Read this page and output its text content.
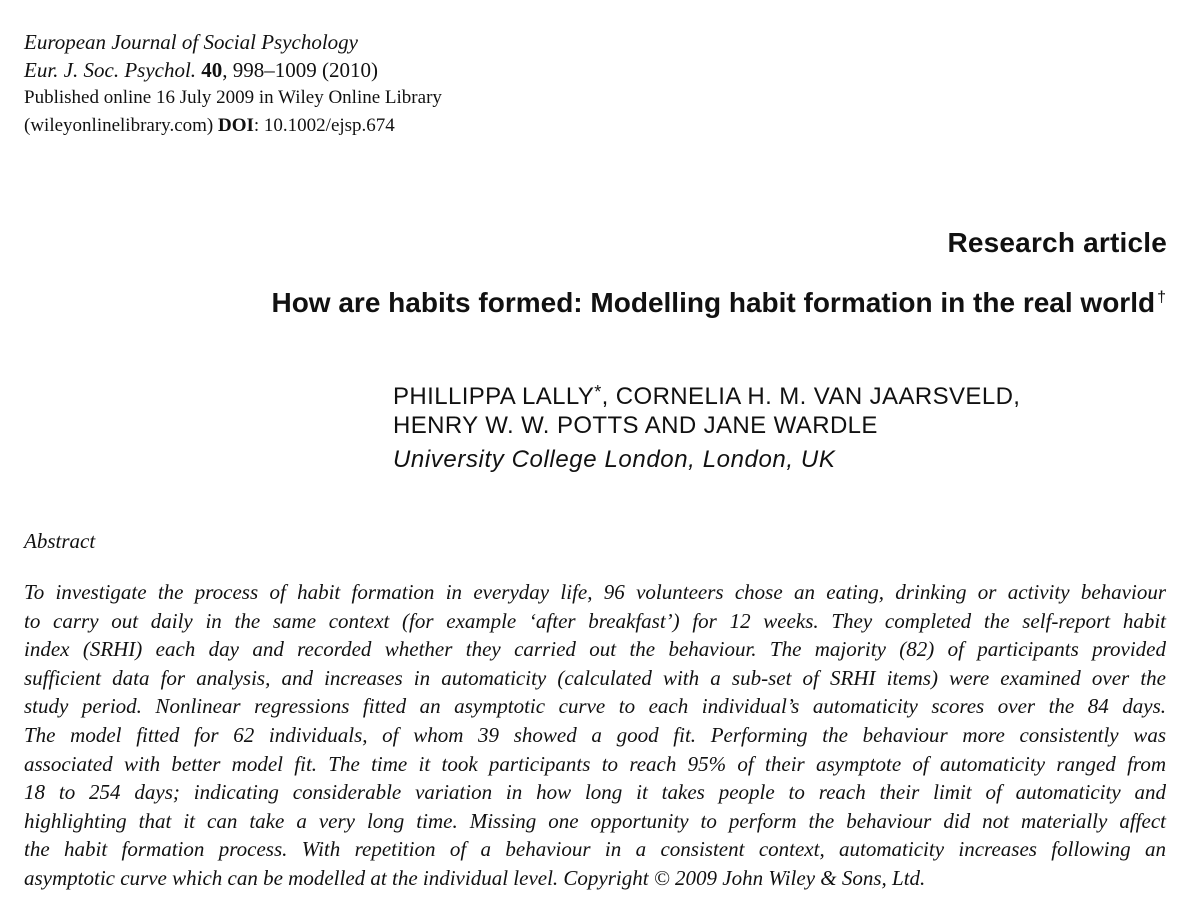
European Journal of Social Psychology
Eur. J. Soc. Psychol. 40, 998–1009 (2010)
Published online 16 July 2009 in Wiley Online Library
(wileyonlinelibrary.com) DOI: 10.1002/ejsp.674
Research article
How are habits formed: Modelling habit formation in the real world †
PHILLIPPA LALLY*, CORNELIA H. M. VAN JAARSVELD,
HENRY W. W. POTTS AND JANE WARDLE
University College London, London, UK
Abstract
To investigate the process of habit formation in everyday life, 96 volunteers chose an eating, drinking or activity behaviour
to carry out daily in the same context (for example ‘after breakfast’) for 12 weeks. They completed the self-report habit
index (SRHI) each day and recorded whether they carried out the behaviour. The majority (82) of participants provided
sufficient data for analysis, and increases in automaticity (calculated with a sub-set of SRHI items) were examined over the
study period. Nonlinear regressions fitted an asymptotic curve to each individual’s automaticity scores over the 84 days.
The model fitted for 62 individuals, of whom 39 showed a good fit. Performing the behaviour more consistently was
associated with better model fit. The time it took participants to reach 95% of their asymptote of automaticity ranged from
18 to 254 days; indicating considerable variation in how long it takes people to reach their limit of automaticity and
highlighting that it can take a very long time. Missing one opportunity to perform the behaviour did not materially affect
the habit formation process. With repetition of a behaviour in a consistent context, automaticity increases following an
asymptotic curve which can be modelled at the individual level. Copyright © 2009 John Wiley & Sons, Ltd.
